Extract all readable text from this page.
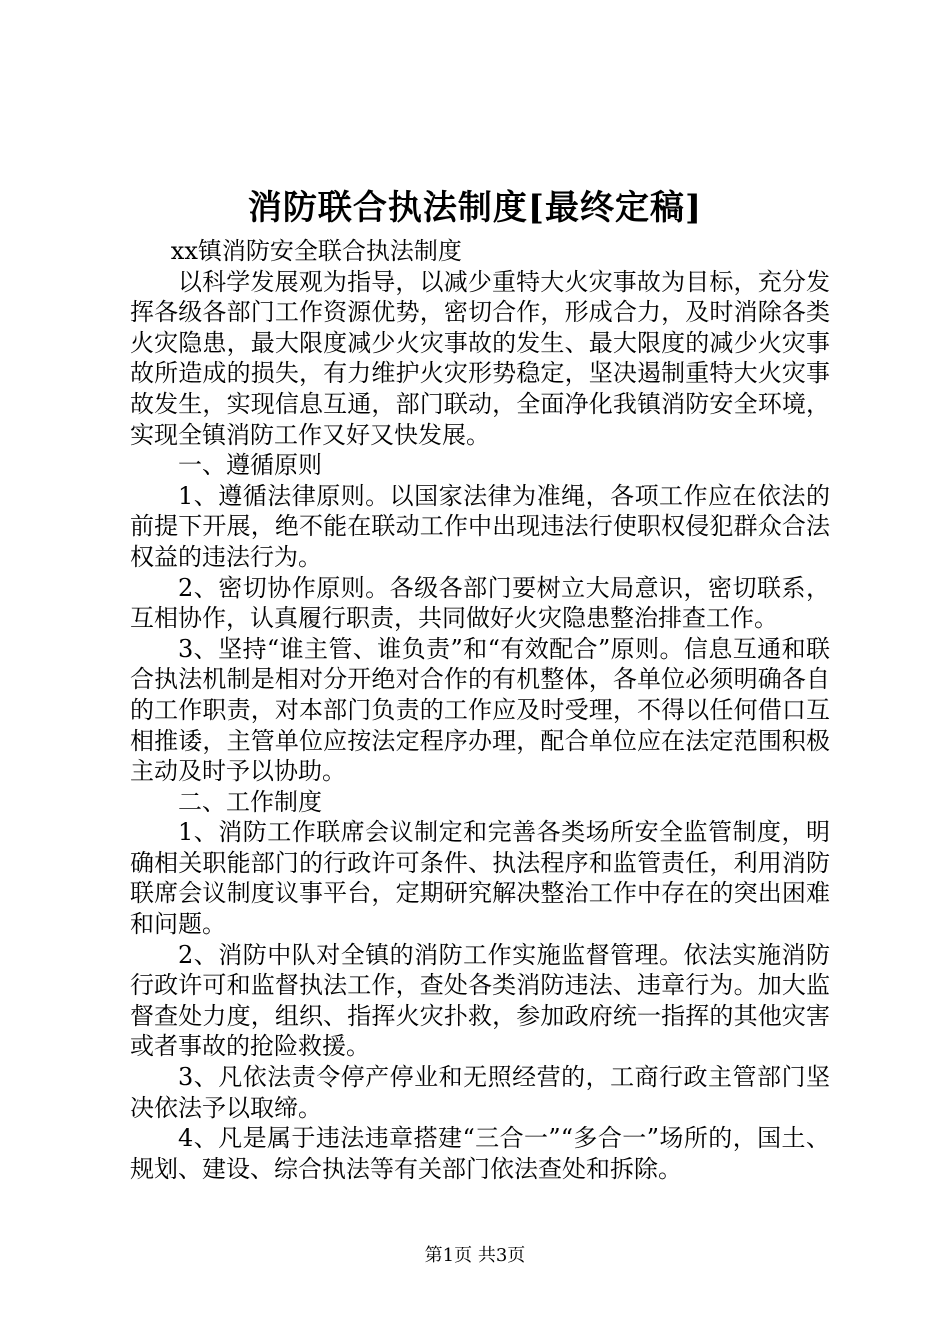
消防联合执法制度[最终定稿]

xx镇消防安全联合执法制度

以科学发展观为指导，以减少重特大火灾事故为目标，充分发挥各级各部门工作资源优势，密切合作，形成合力，及时消除各类火灾隐患，最大限度减少火灾事故的发生、最大限度的减少火灾事故所造成的损失，有力维护火灾形势稳定，坚决遏制重特大火灾事故发生，实现信息互通，部门联动，全面净化我镇消防安全环境，实现全镇消防工作又好又快发展。

一、遵循原则

1、遵循法律原则。以国家法律为准绳，各项工作应在依法的前提下开展，绝不能在联动工作中出现违法行使职权侵犯群众合法权益的违法行为。

2、密切协作原则。各级各部门要树立大局意识，密切联系，互相协作，认真履行职责，共同做好火灾隐患整治排查工作。

3、坚持“谁主管、谁负责”和“有效配合”原则。信息互通和联合执法机制是相对分开绝对合作的有机整体，各单位必须明确各自的工作职责，对本部门负责的工作应及时受理，不得以任何借口互相推诿，主管单位应按法定程序办理，配合单位应在法定范围积极主动及时予以协助。

二、工作制度

1、消防工作联席会议制定和完善各类场所安全监管制度，明确相关职能部门的行政许可条件、执法程序和监管责任，利用消防联席会议制度议事平台，定期研究解决整治工作中存在的突出困难和问题。

2、消防中队对全镇的消防工作实施监督管理。依法实施消防行政许可和监督执法工作，查处各类消防违法、违章行为。加大监督查处力度，组织、指挥火灾扑救，参加政府统一指挥的其他灾害或者事故的抢险救援。

3、凡依法责令停产停业和无照经营的，工商行政主管部门坚决依法予以取缔。

4、凡是属于违法违章搭建“三合一”“多合一”场所的，国土、规划、建设、综合执法等有关部门依法查处和拆除。

第1页 共3页
